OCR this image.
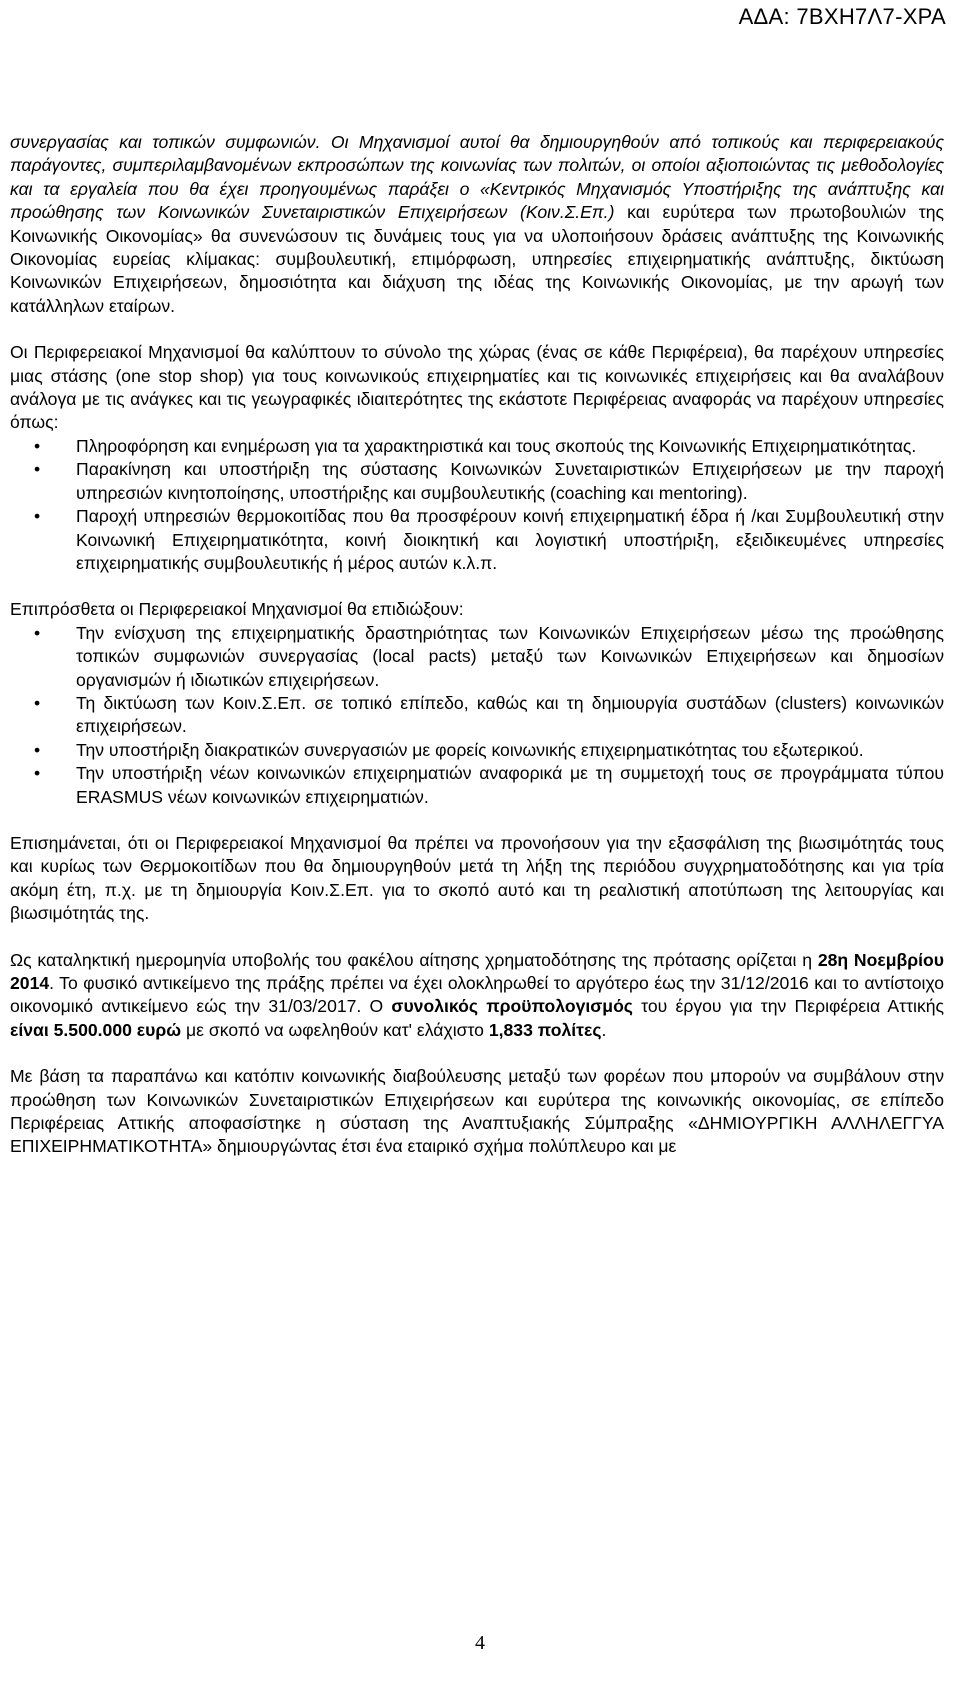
ΑΔΑ: 7ΒΧΗ7Λ7-ΧΡΑ

συνεργασίας και τοπικών συμφωνιών. Οι Μηχανισμοί αυτοί θα δημιουργηθούν από τοπικούς και περιφερειακούς παράγοντες, συμπεριλαμβανομένων εκπροσώπων της κοινωνίας των πολιτών, οι οποίοι αξιοποιώντας τις μεθοδολογίες και τα εργαλεία που θα έχει προηγουμένως παράξει ο «Κεντρικός Μηχανισμός Υποστήριξης της ανάπτυξης και προώθησης των Κοινωνικών Συνεταιριστικών Επιχειρήσεων (Κοιν.Σ.Επ.) και ευρύτερα των πρωτοβουλιών της Κοινωνικής Οικονομίας» θα συνενώσουν τις δυνάμεις τους για να υλοποιήσουν δράσεις ανάπτυξης της Κοινωνικής Οικονομίας ευρείας κλίμακας: συμβουλευτική, επιμόρφωση, υπηρεσίες επιχειρηματικής ανάπτυξης, δικτύωση Κοινωνικών Επιχειρήσεων, δημοσιότητα και διάχυση της ιδέας της Κοινωνικής Οικονομίας, με την αρωγή των κατάλληλων εταίρων.

Οι Περιφερειακοί Μηχανισμοί θα καλύπτουν το σύνολο της χώρας (ένας σε κάθε Περιφέρεια), θα παρέχουν υπηρεσίες μιας στάσης (one stop shop) για τους κοινωνικούς επιχειρηματίες και τις κοινωνικές επιχειρήσεις και θα αναλάβουν ανάλογα με τις ανάγκες και τις γεωγραφικές ιδιαιτερότητες της εκάστοτε Περιφέρειας αναφοράς να παρέχουν υπηρεσίες όπως:

• Πληροφόρηση και ενημέρωση για τα χαρακτηριστικά και τους σκοπούς της Κοινωνικής Επιχειρηματικότητας.
• Παρακίνηση και υποστήριξη της σύστασης Κοινωνικών Συνεταιριστικών Επιχειρήσεων με την παροχή υπηρεσιών κινητοποίησης, υποστήριξης και συμβουλευτικής (coaching και mentoring).
• Παροχή υπηρεσιών θερμοκοιτίδας που θα προσφέρουν κοινή επιχειρηματική έδρα ή /και Συμβουλευτική στην Κοινωνική Επιχειρηματικότητα, κοινή διοικητική και λογιστική υποστήριξη, εξειδικευμένες υπηρεσίες επιχειρηματικής συμβουλευτικής ή μέρος αυτών κ.λ.π.

Επιπρόσθετα οι Περιφερειακοί Μηχανισμοί θα επιδιώξουν:

• Την ενίσχυση της επιχειρηματικής δραστηριότητας των Κοινωνικών Επιχειρήσεων μέσω της προώθησης τοπικών συμφωνιών συνεργασίας (local pacts) μεταξύ των Κοινωνικών Επιχειρήσεων και δημοσίων οργανισμών ή ιδιωτικών επιχειρήσεων.
• Τη δικτύωση των Κοιν.Σ.Επ. σε τοπικό επίπεδο, καθώς και τη δημιουργία συστάδων (clusters) κοινωνικών επιχειρήσεων.
• Την υποστήριξη διακρατικών συνεργασιών με φορείς κοινωνικής επιχειρηματικότητας του εξωτερικού.
• Την υποστήριξη νέων κοινωνικών επιχειρηματιών αναφορικά με τη συμμετοχή τους σε προγράμματα τύπου ERASMUS νέων κοινωνικών επιχειρηματιών.

Επισημάνεται, ότι οι Περιφερειακοί Μηχανισμοί θα πρέπει να προνοήσουν για την εξασφάλιση της βιωσιμότητάς τους και κυρίως των Θερμοκοιτίδων που θα δημιουργηθούν μετά τη λήξη της περιόδου συγχρηματοδότησης και για τρία ακόμη έτη, π.χ. με τη δημιουργία Κοιν.Σ.Επ. για το σκοπό αυτό και τη ρεαλιστική αποτύπωση της λειτουργίας και βιωσιμότητάς της.

Ως καταληκτική ημερομηνία υποβολής του φακέλου αίτησης χρηματοδότησης της πρότασης ορίζεται η 28η Νοεμβρίου 2014. Το φυσικό αντικείμενο της πράξης πρέπει να έχει ολοκληρωθεί το αργότερο έως την 31/12/2016 και το αντίστοιχο οικονομικό αντικείμενο εώς την 31/03/2017. Ο συνολικός προϋπολογισμός του έργου για την Περιφέρεια Αττικής είναι 5.500.000 ευρώ με σκοπό να ωφεληθούν κατ' ελάχιστο 1,833 πολίτες.

Με βάση τα παραπάνω και κατόπιν κοινωνικής διαβούλευσης μεταξύ των φορέων που μπορούν να συμβάλουν στην προώθηση των Κοινωνικών Συνεταιριστικών Επιχειρήσεων και ευρύτερα της κοινωνικής οικονομίας, σε επίπεδο Περιφέρειας Αττικής αποφασίστηκε η σύσταση της Αναπτυξιακής Σύμπραξης «ΔΗΜΙΟΥΡΓΙΚΗ ΑΛΛΗΛΕΓΓΥΑ ΕΠΙΧΕΙΡΗΜΑΤΙΚΟΤΗΤΑ» δημιουργώντας έτσι ένα εταιρικό σχήμα πολύπλευρο και με

4
